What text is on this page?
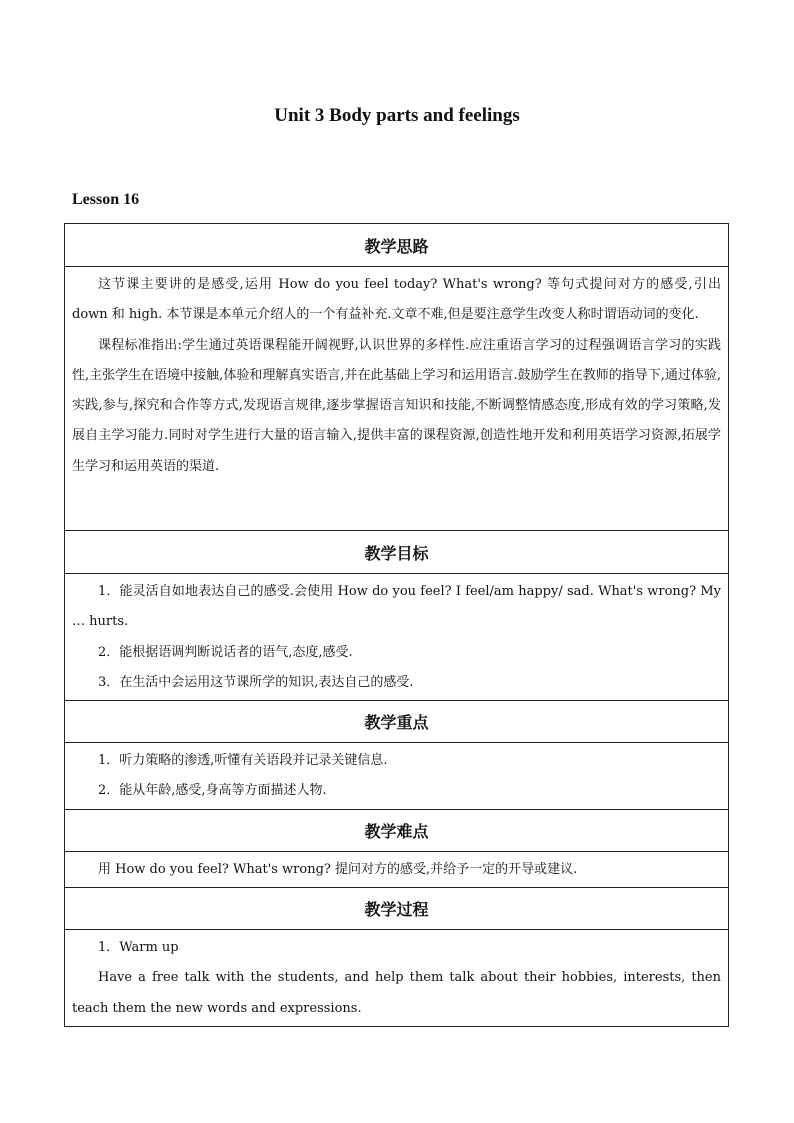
Unit 3 Body parts and feelings
Lesson 16
教学思路

这节课主要讲的是感受,运用 How do you feel today? What's wrong? 等句式提问对方的感受,引出 down 和 high. 本节课是本单元介绍人的一个有益补充.文章不难,但是要注意学生改变人称时谓语动词的变化.

课程标准指出:学生通过英语课程能开阔视野,认识世界的多样性.应注重语言学习的过程强调语言学习的实践性,主张学生在语境中接触,体验和理解真实语言,并在此基础上学习和运用语言.鼓励学生在教师的指导下,通过体验,实践,参与,探究和合作等方式,发现语言规律,逐步掌握语言知识和技能,不断调整情感态度,形成有效的学习策略,发展自主学习能力.同时对学生进行大量的语言输入,提供丰富的课程资源,创造性地开发和利用英语学习资源,拓展学生学习和运用英语的渠道.

教学目标

1．能灵活自如地表达自己的感受.会使用 How do you feel? I feel/am happy/ sad. What's wrong? My … hurts.

2．能根据语调判断说话者的语气,态度,感受.

3．在生活中会运用这节课所学的知识,表达自己的感受.

教学重点

1．听力策略的渗透,听懂有关语段并记录关键信息.

2．能从年龄,感受,身高等方面描述人物.

教学难点

用 How do you feel? What's wrong? 提问对方的感受,并给予一定的开导或建议.

教学过程

1．Warm up

Have a free talk with the students, and help them talk about their hobbies, interests, then teach them the new words and expressions.
